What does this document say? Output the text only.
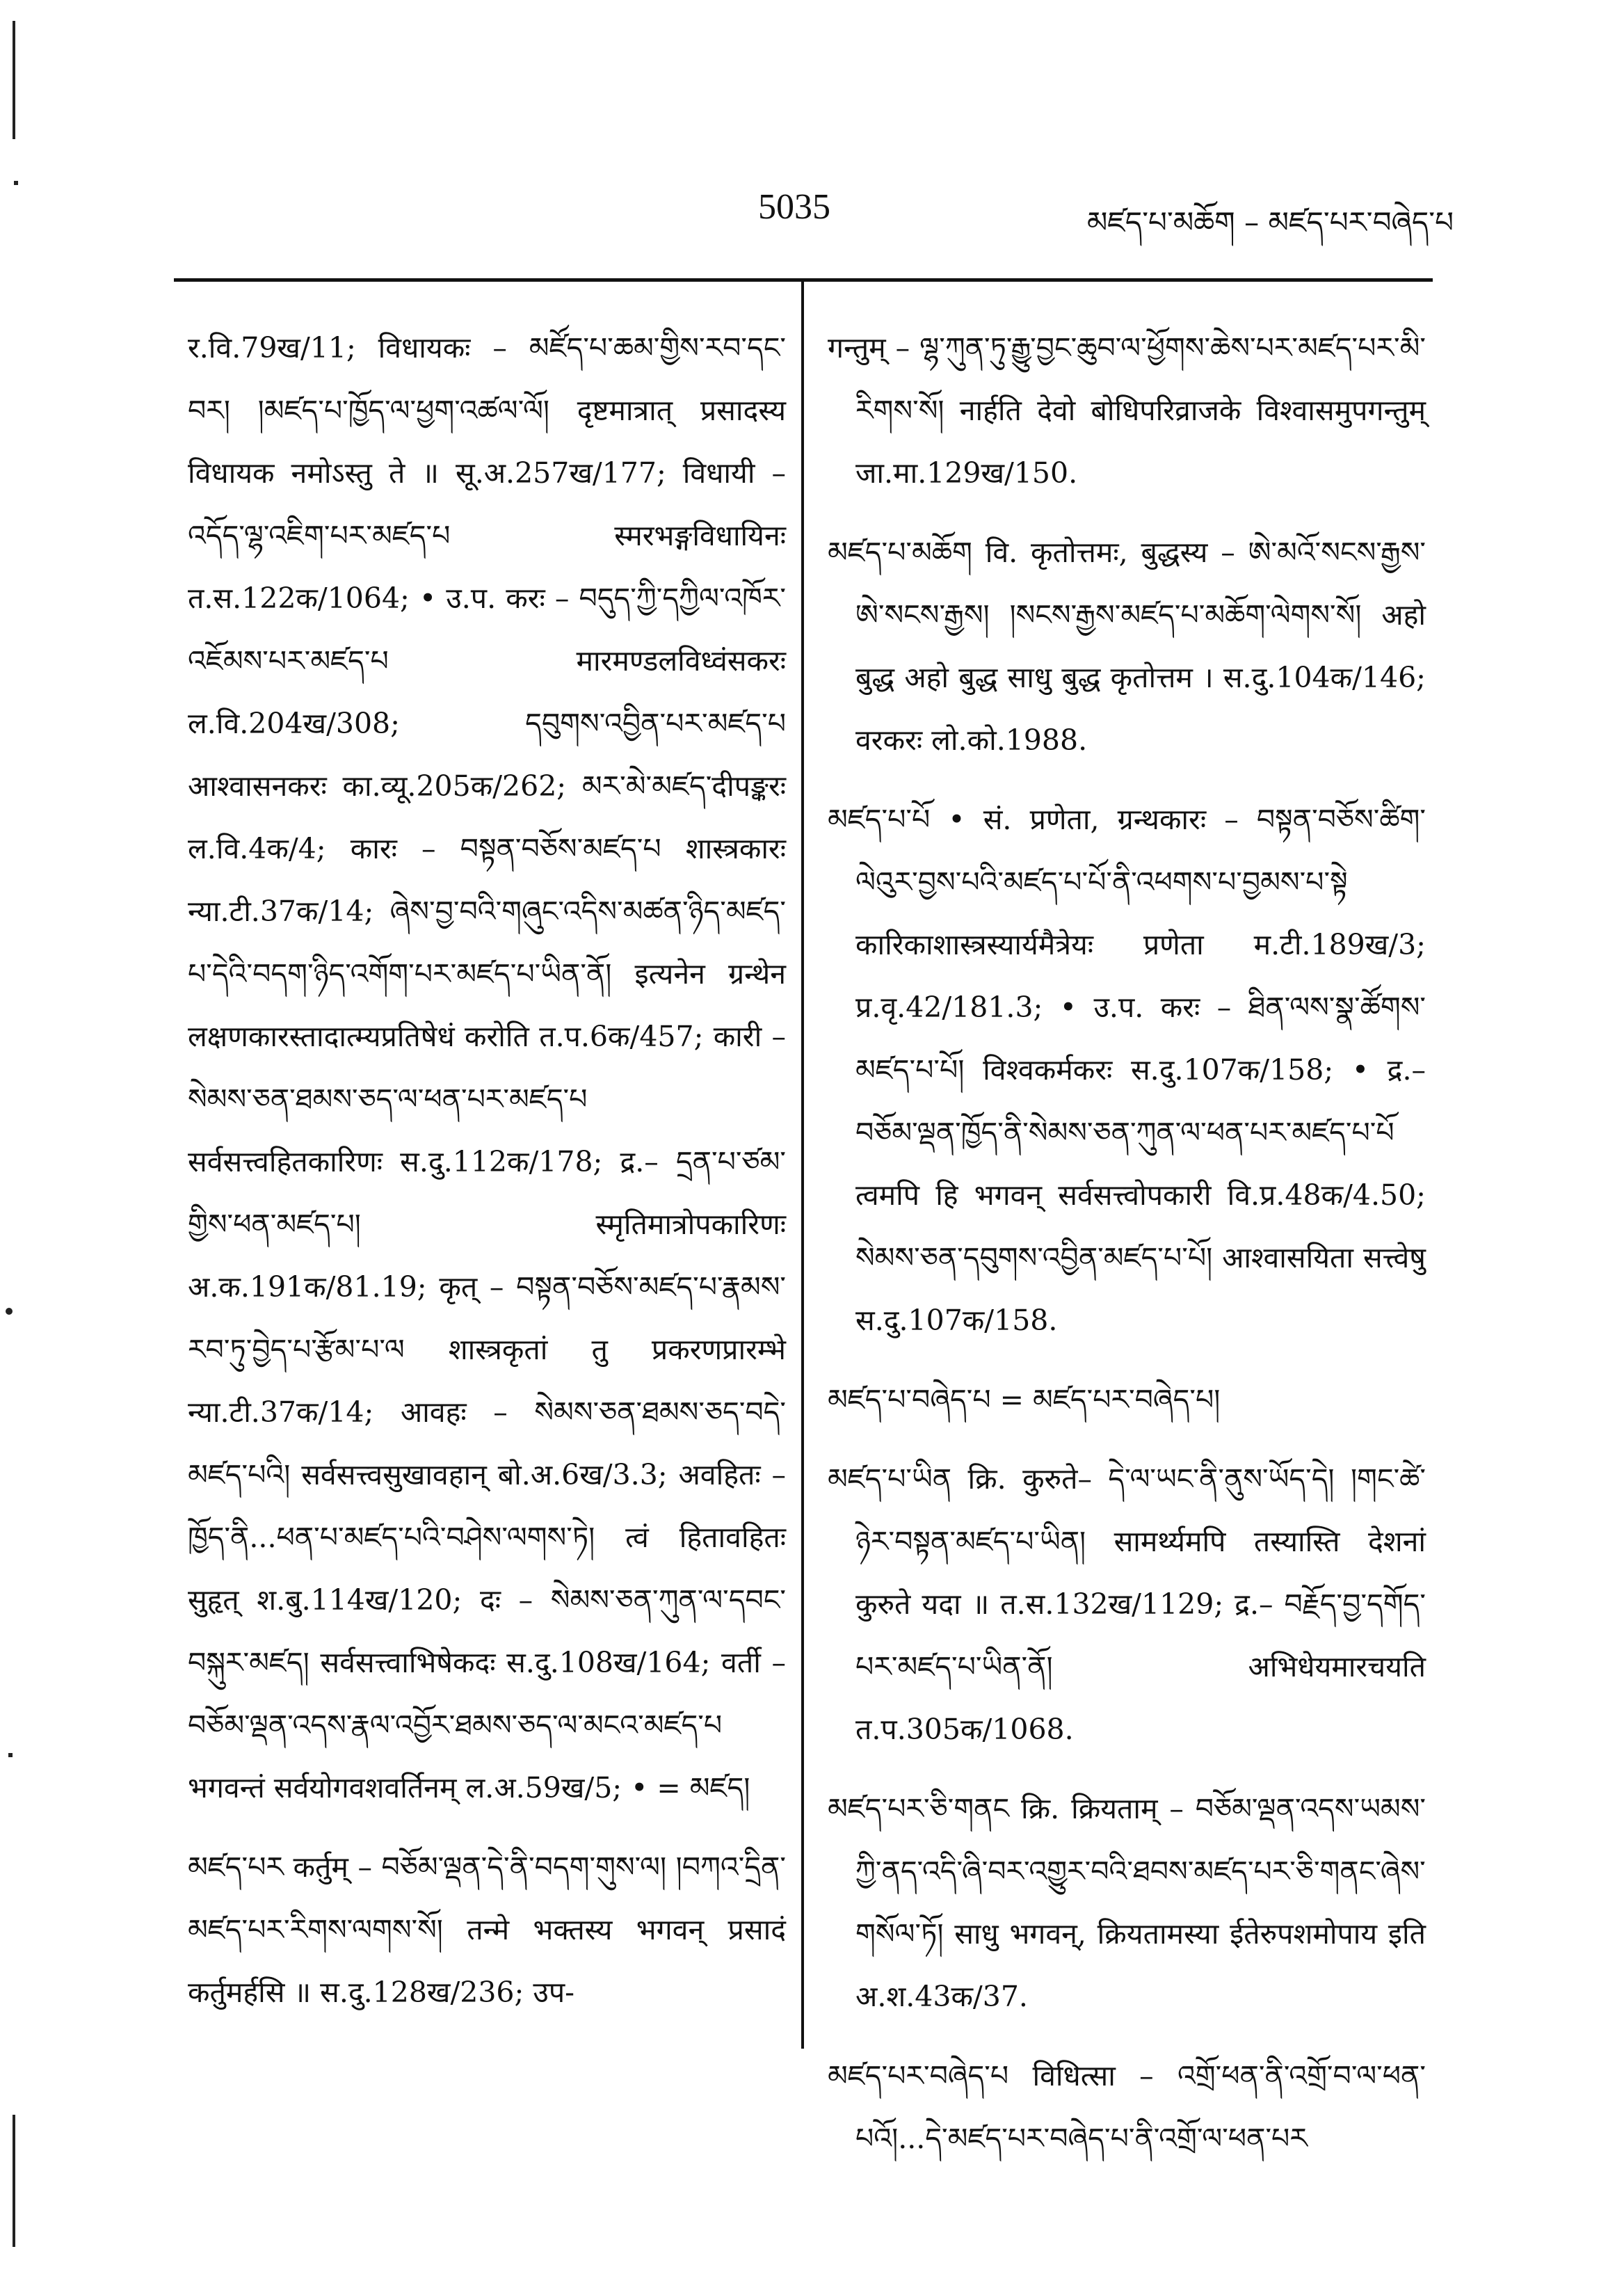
5035	མཛད་པ་མཆོག – མཛད་པར་བཞེད་པ

र.वि.79ख/11; विधायकः – མཛོད་པ་ཆམ་གྱིས་རབ་དང་བར། །མཛད་པ་ཁྱོད་ལ་ཕྱག་འཚལ་ལོ། दृष्टमात्रात् प्रसादस्य विधायक नमोऽस्तु ते ॥ सू.अ.257ख/177; विधायी – འདོད་ལྷ་འཇིག་པར་མཛད་པ स्मरभङ्गविधायिनः त.स.122क/1064; • उ.प. करः – བདུད་ཀྱི་དཀྱིལ་འཁོར་འཇོམས་པར་མཛད་པ मारमण्डलविध्वंसकरः ल.वि.204ख/308; དབུགས་འབྱིན་པར་མཛད་པ आश्वासनकरः का.व्यू.205क/262; མར་མེ་མཛད་दीपङ्करः ल.वि.4क/4; कारः – བསྟན་བཅོས་མཛད་པ शास्त्रकारः न्या.टी.37क/14; ཞེས་བྱ་བའི་གཞུང་འདིས་མཚན་ཉིད་མཛད་པ་དེའི་བདག་ཉིད་འགོག་པར་མཛད་པ་ཡིན་ནོ། इत्यनेन ग्रन्थेन लक्षणकारस्तादात्म्यप्रतिषेधं करोति त.प.6क/457; कारी – སེམས་ཅན་ཐམས་ཅད་ལ་ཕན་པར་མཛད་པ सर्वसत्त्वहितकारिणः स.दु.112क/178; द्र.– དྲན་པ་ཙམ་གྱིས་ཕན་མཛད་པ། स्मृतिमात्रोपकारिणः अ.क.191क/81.19; कृत् – བསྟན་བཅོས་མཛད་པ་རྣམས་རབ་ཏུ་བྱེད་པ་རྩོམ་པ་ལ शास्त्रकृतां तु प्रकरणप्रारम्भे न्या.टी.37क/14; आवहः – སེམས་ཅན་ཐམས་ཅད་བདེ་མཛད་པའི། सर्वसत्त्वसुखावहान् बो.अ.6ख/3.3; अवहितः – ཁྱོད་ནི...ཕན་པ་མཛད་པའི་བཤེས་ལགས་ཏེ། त्वं हितावहितः सुहृत् श.बु.114ख/120; दः – སེམས་ཅན་ཀུན་ལ་དབང་བསྐུར་མཛད། सर्वसत्त्वाभिषेकदः स.दु.108ख/164; वर्ती – བཅོམ་ལྡན་འདས་རྣལ་འབྱོར་ཐམས་ཅད་ལ་མངའ་མཛད་པ भगवन्तं सर्वयोगवशवर्तिनम् ल.अ.59ख/5; • = མཛད།

མཛད་པར कर्तुम् – བཅོམ་ལྡན་དེ་ནི་བདག་གུས་ལ། །བཀའ་དྲིན་མཛད་པར་རིགས་ལགས་སོ། तन्मे भक्तस्य भगवन् प्रसादं कर्तुमर्हसि ॥ स.दु.128ख/236; उप-

गन्तुम् – ལྷ་ཀུན་ཏུ་རྒྱུ་བྱང་ཆུབ་ལ་ཕྱོགས་ཆེས་པར་མཛད་པར་མི་རིགས་སོ། नार्हति देवो बोधिपरिव्राजके विश्वासमुपगन्तुम् जा.मा.129ख/150.

མཛད་པ་མཆོག वि. कृतोत्तमः, बुद्धस्य – ཨེ་མའོ་སངས་རྒྱས་ཨེ་སངས་རྒྱས། །སངས་རྒྱས་མཛད་པ་མཆོག་ལེགས་སོ། अहो बुद्ध अहो बुद्ध साधु बुद्ध कृतोत्तम । स.दु.104क/146; वरकरः लो.को.1988.

མཛད་པ་པོ • सं. प्रणेता, ग्रन्थकारः – བསྟན་བཅོས་ཚིག་ལེའུར་བྱས་པའི་མཛད་པ་པོ་ནི་འཕགས་པ་བྱམས་པ་སྟེ कारिकाशास्त्रस्यार्यमैत्रेयः प्रणेता म.टी.189ख/3; प्र.वृ.42/181.3; • उ.प. करः – ཐིན་ལས་སྣ་ཚོགས་མཛད་པ་པོ། विश्वकर्मकरः स.दु.107क/158; • द्र.– བཅོམ་ལྡན་ཁྱོད་ནི་སེམས་ཅན་ཀུན་ལ་ཕན་པར་མཛད་པ་པོ त्वमपि हि भगवन् सर्वसत्त्वोपकारी वि.प्र.48क/4.50; སེམས་ཅན་དབུགས་འབྱིན་མཛད་པ་པོ། आश्वासयिता सत्त्वेषु स.दु.107क/158.

མཛད་པ་བཞེད་པ = མཛད་པར་བཞེད་པ།

མཛད་པ་ཡིན क्रि. कुरुते– དེ་ལ་ཡང་ནི་ནུས་ཡོད་དེ། །གང་ཚེ་ཉེར་བསྟན་མཛད་པ་ཡིན། सामर्थ्यमपि तस्यास्ति देशनां कुरुते यदा ॥ त.स.132ख/1129; द्र.– བརྗོད་བྱ་དགོད་པར་མཛད་པ་ཡིན་ནོ། अभिधेयमारचयति त.प.305क/1068.

མཛད་པར་ཅི་གནང क्रि. क्रियताम् – བཅོམ་ལྡན་འདས་ཡམས་ཀྱི་ནད་འདི་ཞི་བར་འགྱུར་བའི་ཐབས་མཛད་པར་ཅི་གནང་ཞེས་གསོལ་ཏོ། साधु भगवन्, क्रियतामस्या ईतेरुपशमोपाय इति अ.श.43क/37.

མཛད་པར་བཞེད་པ विधित्सा – འགྲོ་ཕན་ནི་འགྲོ་བ་ལ་ཕན་པའོ།...དེ་མཛད་པར་བཞེད་པ་ནི་འགྲོ་ལ་ཕན་པར
